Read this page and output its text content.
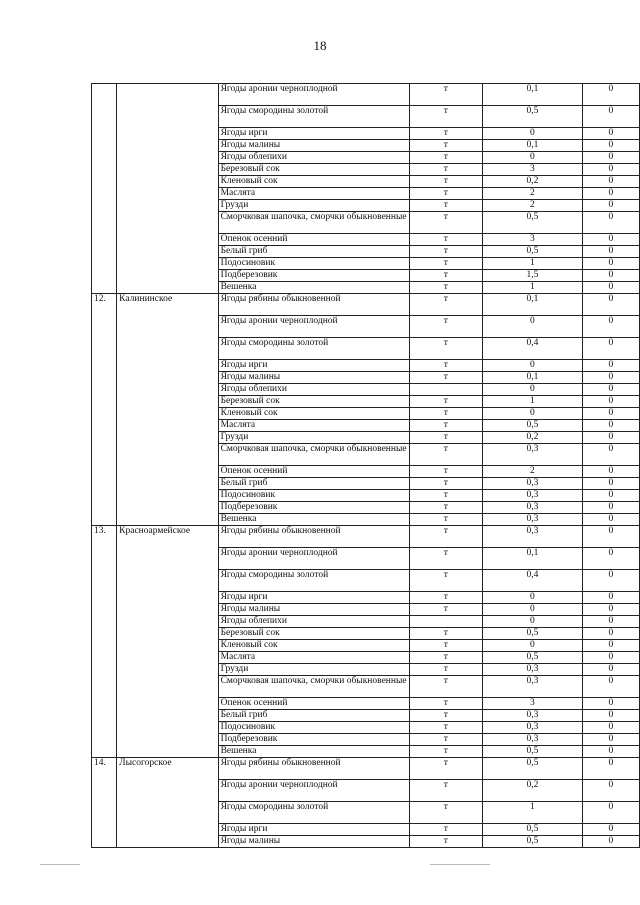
18
		Ягоды аронии черноплодной	т	0,1	0
		Ягоды смородины золотой	т	0,5	0
		Ягоды ирги	т	0	0
		Ягоды малины	т	0,1	0
		Ягоды облепихи	т	0	0
		Березовый сок	т	3	0
		Кленовый сок	т	0,2	0
		Маслята	т	2	0
		Грузди	т	2	0
		Сморчковая шапочка, сморчки обыкновенные	т	0,5	0
		Опенок осенний	т	3	0
		Белый гриб	т	0,5	0
		Подосиновик	т	1	0
		Подберезовик	т	1,5	0
		Вешенка	т	1	0
12.	Калининское	Ягоды рябины обыкновенной	т	0,1	0
		Ягоды аронии черноплодной	т	0	0
		Ягоды смородины золотой	т	0,4	0
		Ягоды ирги	т	0	0
		Ягоды малины	т	0,1	0
		Ягоды облепихи		0	0
		Березовый сок	т	1	0
		Кленовый сок	т	0	0
		Маслята	т	0,5	0
		Грузди	т	0,2	0
		Сморчковая шапочка, сморчки обыкновенные	т	0,3	0
		Опенок осенний	т	2	0
		Белый гриб	т	0,3	0
		Подосиновик	т	0,3	0
		Подберезовик	т	0,3	0
		Вешенка	т	0,3	0
13.	Красноармейское	Ягоды рябины обыкновенной	т	0,3	0
		Ягоды аронии черноплодной	т	0,1	0
		Ягоды смородины золотой	т	0,4	0
		Ягоды ирги	т	0	0
		Ягоды малины	т	0	0
		Ягоды облепихи		0	0
		Березовый сок	т	0,5	0
		Кленовый сок	т	0	0
		Маслята	т	0,5	0
		Грузди	т	0,3	0
		Сморчковая шапочка, сморчки обыкновенные	т	0,3	0
		Опенок осенний	т	3	0
		Белый гриб	т	0,3	0
		Подосиновик	т	0,3	0
		Подберезовик	т	0,3	0
		Вешенка	т	0,5	0
14.	Лысогорское	Ягоды рябины обыкновенной	т	0,5	0
		Ягоды аронии черноплодной	т	0,2	0
		Ягоды смородины золотой	т	1	0
		Ягоды ирги	т	0,5	0
		Ягоды малины	т	0,5	0
